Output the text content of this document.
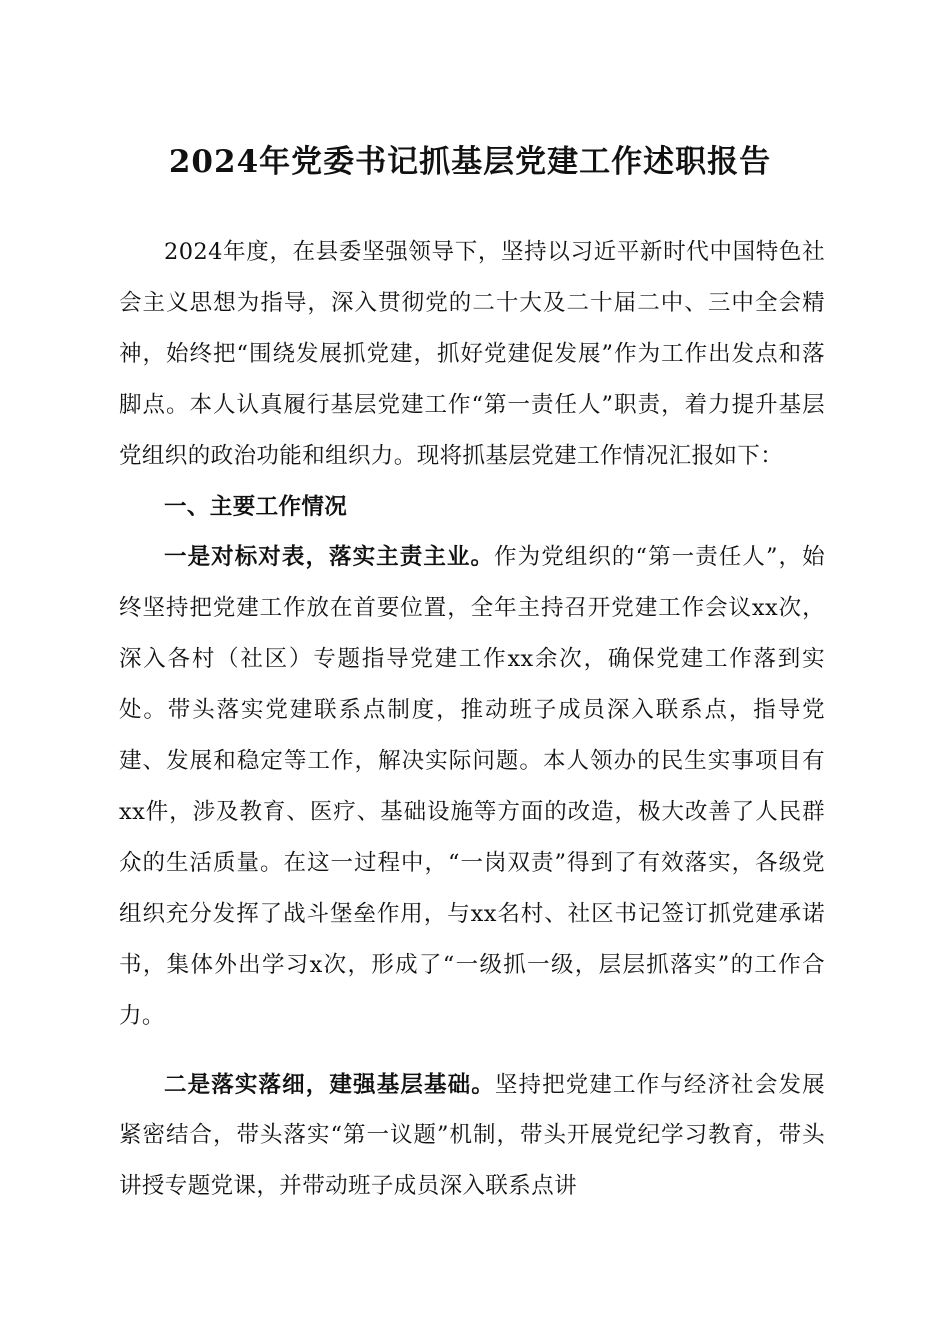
2024年党委书记抓基层党建工作述职报告

2024年度，在县委坚强领导下，坚持以习近平新时代中国特色社会主义思想为指导，深入贯彻党的二十大及二十届二中、三中全会精神，始终把“围绕发展抓党建，抓好党建促发展”作为工作出发点和落脚点。本人认真履行基层党建工作“第一责任人”职责，着力提升基层党组织的政治功能和组织力。现将抓基层党建工作情况汇报如下：

一、主要工作情况

一是对标对表，落实主责主业。作为党组织的“第一责任人”，始终坚持把党建工作放在首要位置，全年主持召开党建工作会议xx次，深入各村（社区）专题指导党建工作xx余次，确保党建工作落到实处。带头落实党建联系点制度，推动班子成员深入联系点，指导党建、发展和稳定等工作，解决实际问题。本人领办的民生实事项目有xx件，涉及教育、医疗、基础设施等方面的改造，极大改善了人民群众的生活质量。在这一过程中，“一岗双责”得到了有效落实，各级党组织充分发挥了战斗堡垒作用，与xx名村、社区书记签订抓党建承诺书，集体外出学习x次，形成了“一级抓一级，层层抓落实”的工作合力。

二是落实落细，建强基层基础。坚持把党建工作与经济社会发展紧密结合，带头落实“第一议题”机制，带头开展党纪学习教育，带头讲授专题党课，并带动班子成员深入联系点讲
